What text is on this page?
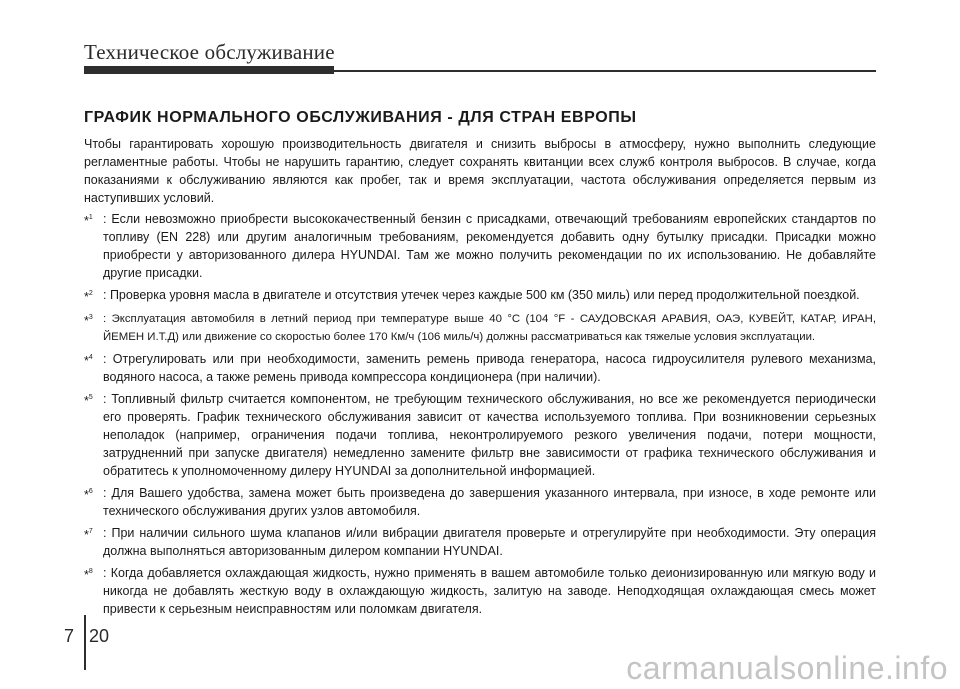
Техническое обслуживание
ГРАФИК НОРМАЛЬНОГО ОБСЛУЖИВАНИЯ - ДЛЯ СТРАН ЕВРОПЫ
Чтобы гарантировать хорошую производительность двигателя и снизить выбросы в атмосферу, нужно выполнить следующие регламентные работы. Чтобы не нарушить гарантию, следует сохранять квитанции всех служб контроля выбросов. В случае, когда показаниями к обслуживанию являются как пробег, так и время эксплуатации, частота обслуживания определяется первым из наступивших условий.
*$^1$ : Если невозможно приобрести высококачественный бензин с присадками, отвечающий требованиям европейских стандартов по топливу (EN 228) или другим аналогичным требованиям, рекомендуется добавить одну бутылку присадки. Присадки можно приобрести у авторизованного дилера HYUNDAI. Там же можно получить рекомендации по их использованию. Не добавляйте другие присадки.
*$^2$ : Проверка уровня масла в двигателе и отсутствия утечек через каждые 500 км (350 миль) или перед продолжительной поездкой.
*$^3$ : Эксплуатация автомобиля в летний период при температуре выше 40 °С (104 °F - САУДОВСКАЯ АРАВИЯ, ОАЭ, КУВЕЙТ, КАТАР, ИРАН, ЙЕМЕН И.Т.Д) или движение со скоростью более 170 Км/ч (106 миль/ч) должны рассматриваться как тяжелые условия эксплуатации.
*$^4$ : Отрегулировать или при необходимости, заменить ремень привода генератора, насоса гидроусилителя рулевого механизма, водяного насоса, а также ремень привода компрессора кондиционера (при наличии).
*$^5$ : Топливный фильтр считается компонентом, не требующим технического обслуживания, но все же рекомендуется периодически его проверять. График технического обслуживания зависит от качества используемого топлива. При возникновении серьезных неполадок (например, ограничения подачи топлива, неконтролируемого резкого увеличения подачи, потери мощности, затрудненний при запуске двигателя) немедленно замените фильтр вне зависимости от графика технического обслуживания и обратитесь к уполномоченному дилеру HYUNDAI за дополнительной информацией.
*$^6$ : Для Вашего удобства, замена может быть произведена до завершения указанного интервала, при износе, в ходе ремонте или технического обслуживания других узлов автомобиля.
*$^7$ : При наличии сильного шума клапанов и/или вибрации двигателя проверьте и отрегулируйте при необходимости. Эту операция должна выполняться авторизованным дилером компании HYUNDAI.
*$^8$ : Когда добавляется охлаждающая жидкость, нужно применять в вашем автомобиле только деионизированную или мягкую воду и никогда не добавлять жесткую воду в охлаждающую жидкость, залитую на заводе. Неподходящая охлаждающая смесь может привести к серьезным неисправностям или поломкам двигателя.
7 20
carmanualsonline.info
